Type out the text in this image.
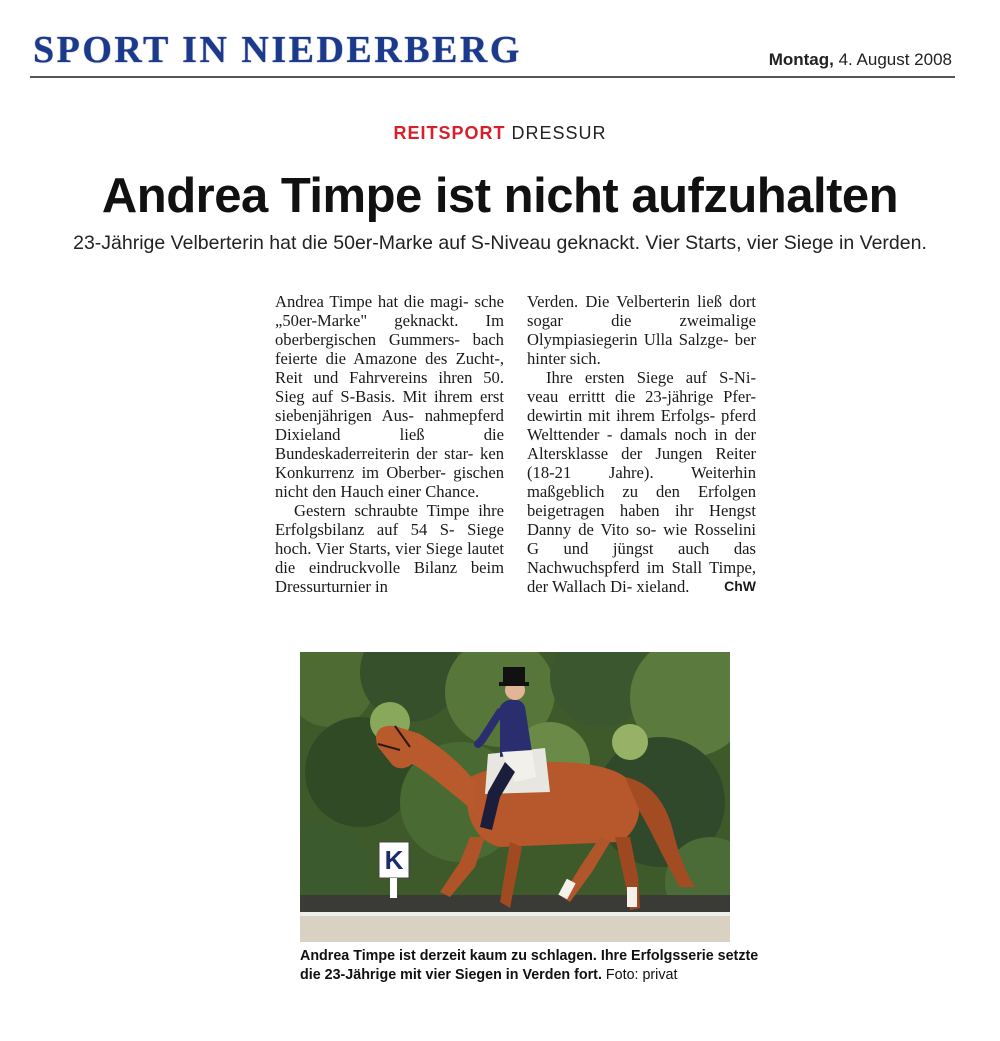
SPORT IN NIEDERBERG	Montag, 4. August 2008
REITSPORT DRESSUR
Andrea Timpe ist nicht aufzuhalten
23-Jährige Velberterin hat die 50er-Marke auf S-Niveau geknackt. Vier Starts, vier Siege in Verden.

Andrea Timpe hat die magi- sche „50er-Marke" geknackt. Im oberbergischen Gummers- bach feierte die Amazone des Zucht-, Reit und Fahrvereins ihren 50. Sieg auf S-Basis. Mit ihrem erst siebenjährigen Aus- nahmepferd Dixieland ließ die Bundeskaderreiterin der star- ken Konkurrenz im Oberber- gischen nicht den Hauch einer Chance.

Gestern schraubte Timpe ihre Erfolgsbilanz auf 54 S- Siege hoch. Vier Starts, vier Siege lautet die eindruckvolle Bilanz beim Dressurturnier in

Verden. Die Velberterin ließ dort sogar die zweimalige Olympiasiegerin Ulla Salzge- ber hinter sich.

Ihre ersten Siege auf S-Ni- veau errittt die 23-jährige Pfer- dewirtin mit ihrem Erfolgs- pferd Welttender - damals noch in der Altersklasse der Jungen Reiter (18-21 Jahre). Weiterhin maßgeblich zu den Erfolgen beigetragen haben ihr Hengst Danny de Vito so- wie Rosselini G und jüngst auch das Nachwuchspferd im Stall Timpe, der Wallach Di- xieland.	ChW

K
Andrea Timpe ist derzeit kaum zu schlagen. Ihre Erfolgsserie setzte die 23-Jährige mit vier Siegen in Verden fort. Foto: privat
